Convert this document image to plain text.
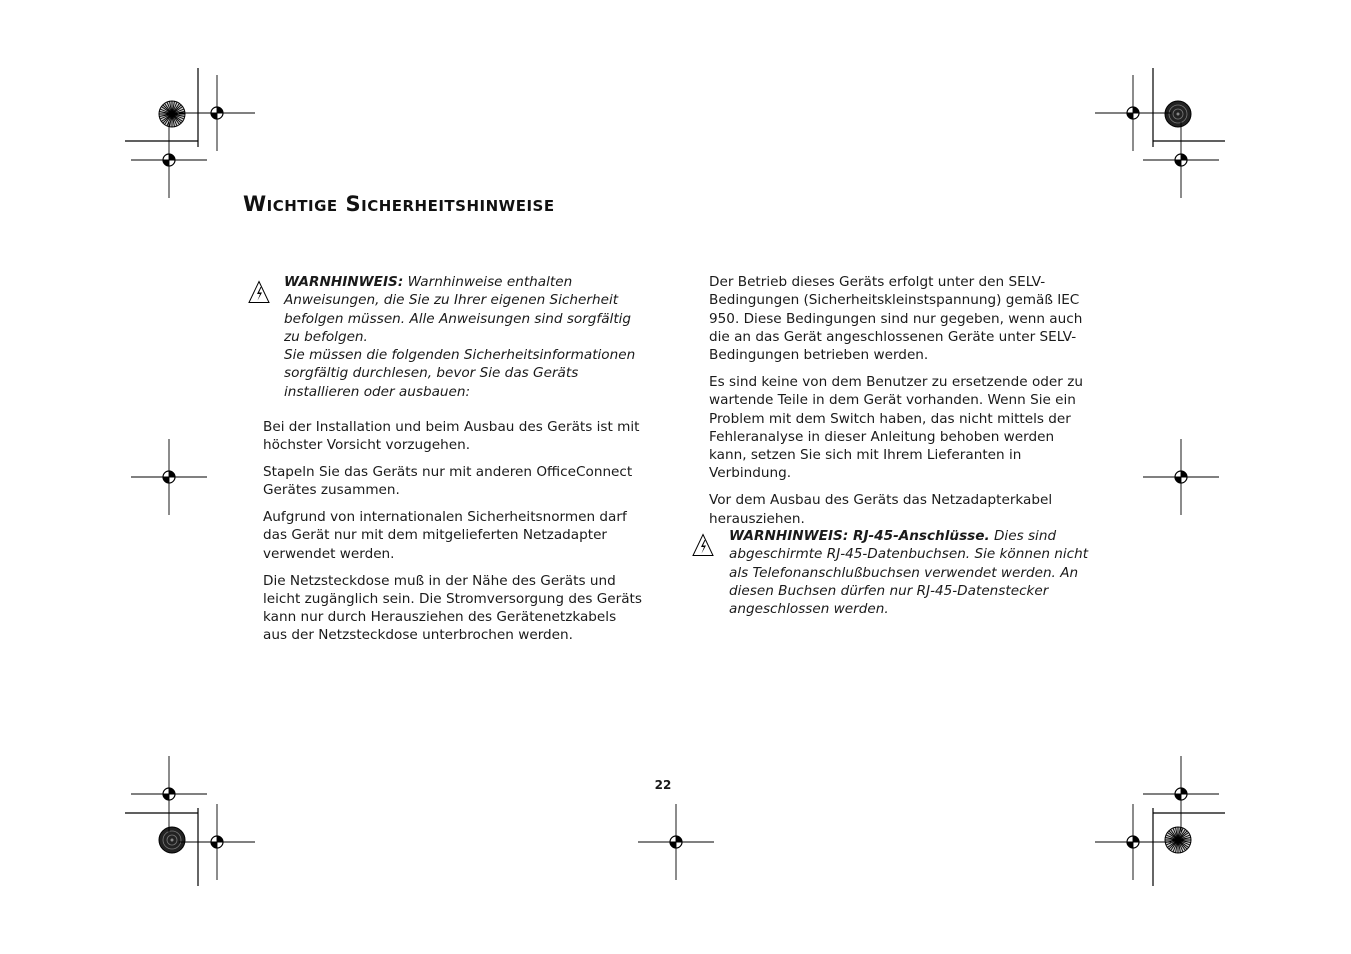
Wichtige Sicherheitshinweise

WARNHINWEIS: Warnhinweise enthalten Anweisungen, die Sie zu Ihrer eigenen Sicherheit befolgen müssen. Alle Anweisungen sind sorgfältig zu befolgen.

Sie müssen die folgenden Sicherheitsinformationen sorgfältig durchlesen, bevor Sie das Geräts installieren oder ausbauen:

Bei der Installation und beim Ausbau des Geräts ist mit höchster Vorsicht vorzugehen.

Stapeln Sie das Geräts nur mit anderen OfficeConnect Gerätes zusammen.

Aufgrund von internationalen Sicherheitsnormen darf das Gerät nur mit dem mitgelieferten Netzadapter verwendet werden.

Die Netzsteckdose muß in der Nähe des Geräts und leicht zugänglich sein. Die Stromversorgung des Geräts kann nur durch Herausziehen des Gerätenetzkabels aus der Netzsteckdose unterbrochen werden.

Der Betrieb dieses Geräts erfolgt unter den SELV-Bedingungen (Sicherheitskleinstspannung) gemäß IEC 950. Diese Bedingungen sind nur gegeben, wenn auch die an das Gerät angeschlossenen Geräte unter SELV-Bedingungen betrieben werden.

Es sind keine von dem Benutzer zu ersetzende oder zu wartende Teile in dem Gerät vorhanden. Wenn Sie ein Problem mit dem Switch haben, das nicht mittels der Fehleranalyse in dieser Anleitung behoben werden kann, setzen Sie sich mit Ihrem Lieferanten in Verbindung.

Vor dem Ausbau des Geräts das Netzadapterkabel herausziehen.

WARNHINWEIS: RJ-45-Anschlüsse. Dies sind abgeschirmte RJ-45-Datenbuchsen. Sie können nicht als Telefonanschlußbuchsen verwendet werden. An diesen Buchsen dürfen nur RJ-45-Datenstecker angeschlossen werden.

22
